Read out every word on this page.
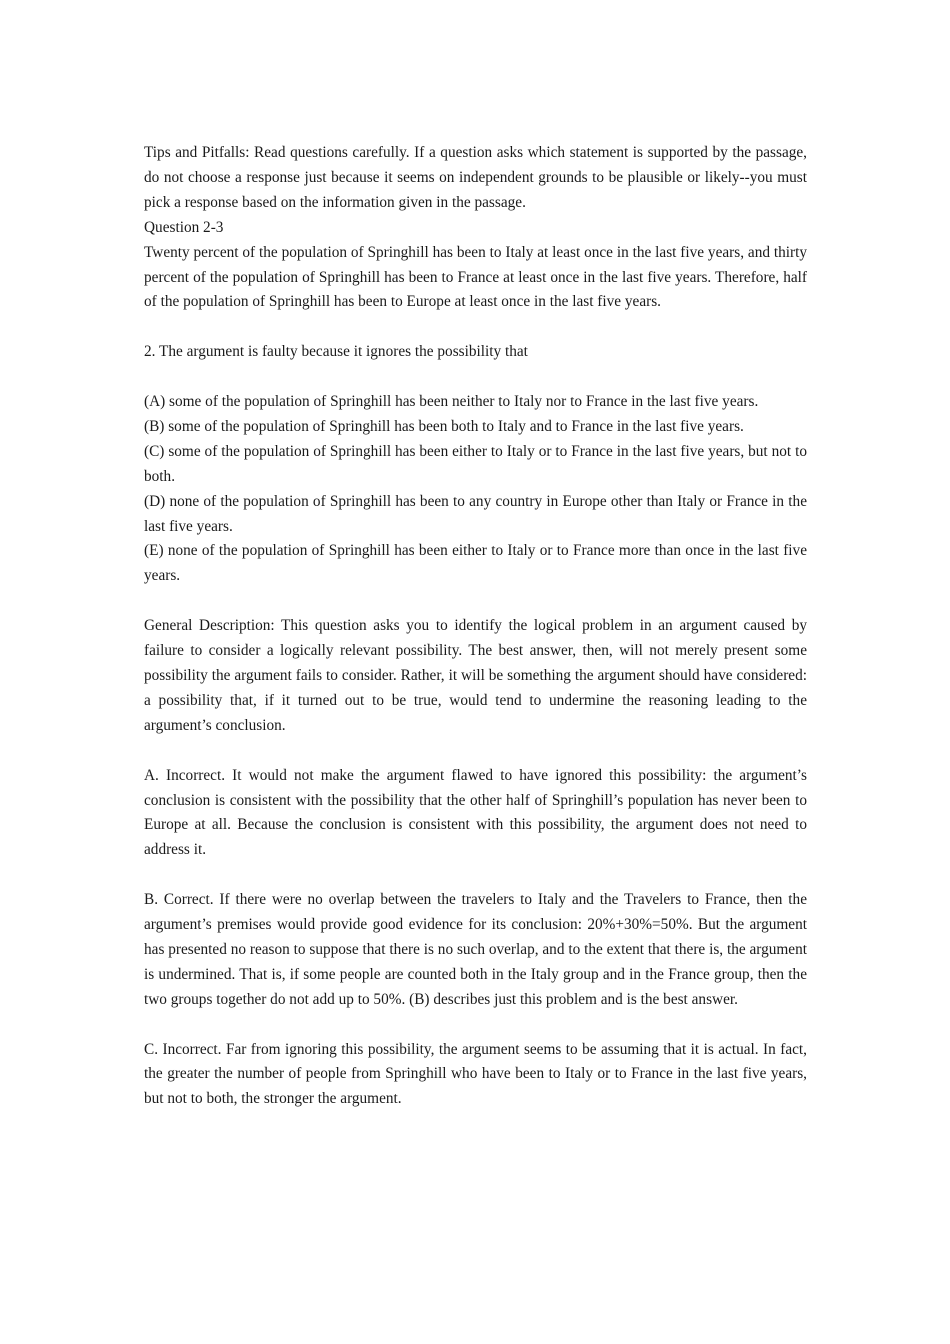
Tips and Pitfalls: Read questions carefully. If a question asks which statement is supported by the passage, do not choose a response just because it seems on independent grounds to be plausible or likely--you must pick a response based on the information given in the passage.

Question 2-3

Twenty percent of the population of Springhill has been to Italy at least once in the last five years, and thirty percent of the population of Springhill has been to France at least once in the last five years. Therefore, half of the population of Springhill has been to Europe at least once in the last five years.

2. The argument is faulty because it ignores the possibility that

(A) some of the population of Springhill has been neither to Italy nor to France in the last five years.

(B) some of the population of Springhill has been both to Italy and to France in the last five years.

(C) some of the population of Springhill has been either to Italy or to France in the last five years, but not to both.

(D) none of the population of Springhill has been to any country in Europe other than Italy or France in the last five years.

(E) none of the population of Springhill has been either to Italy or to France more than once in the last five years.

General Description: This question asks you to identify the logical problem in an argument caused by failure to consider a logically relevant possibility. The best answer, then, will not merely present some possibility the argument fails to consider. Rather, it will be something the argument should have considered: a possibility that, if it turned out to be true, would tend to undermine the reasoning leading to the argument’s conclusion.

A. Incorrect. It would not make the argument flawed to have ignored this possibility: the argument’s conclusion is consistent with the possibility that the other half of Springhill’s population has never been to Europe at all. Because the conclusion is consistent with this possibility, the argument does not need to address it.

B. Correct. If there were no overlap between the travelers to Italy and the Travelers to France, then the argument’s premises would provide good evidence for its conclusion: 20%+30%=50%. But the argument has presented no reason to suppose that there is no such overlap, and to the extent that there is, the argument is undermined. That is, if some people are counted both in the Italy group and in the France group, then the two groups together do not add up to 50%. (B) describes just this problem and is the best answer.

C. Incorrect. Far from ignoring this possibility, the argument seems to be assuming that it is actual. In fact, the greater the number of people from Springhill who have been to Italy or to France in the last five years, but not to both, the stronger the argument.
